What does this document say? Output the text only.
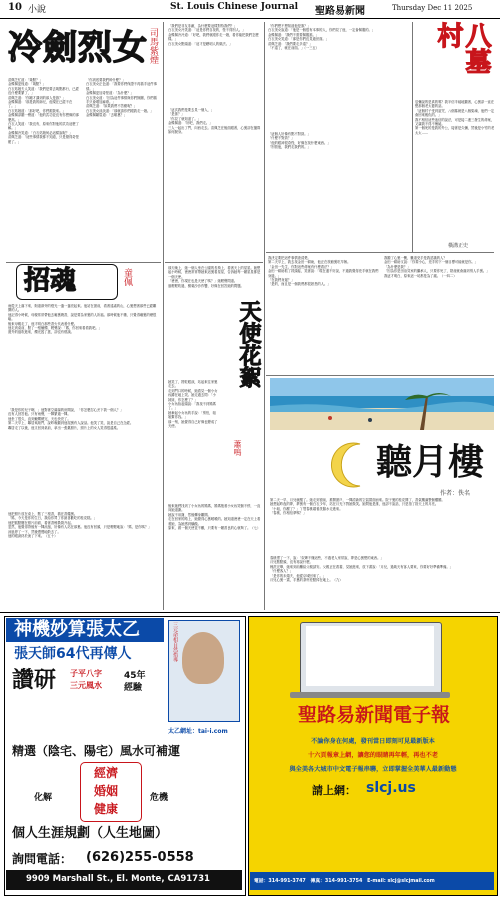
10 小說	St. Louis Chinese Journal 聖路易新聞	Thursday Dec 11 2025
冷劍烈女 司馬紫煙
苗佩芝忙道：「幾點？」
金蝶佩更惶道：「幾點？」
白衣姑娘夫人笑道：「我們是要去幾點都行，已經沒什麼要緊了，」
苗佩芝道：「你剛才講到的那人是誰？」
金蝶佩道：「那是我的師兄，他現在已經不在了。」
白衣姑娘道：「那好吧，你們跟我來。」
金蝶佩卻聽一聲道：「他的武功並沒有你想像的那麼高。」
白衣人笑道：「我沒有，原來你對他的武功這麼了解。」
金蝶佩冷笑道：「白衣姑娘何必這樣說呢？」
苗佩芝道：「這些事情我都不知道，只是覺得奇怪罷了。」
「你到底要我們幹什麼？」
白衣美女正色道：「我要你們保證不再插手這件事情。」
金蝶佩更加奇怪道：「為什麼？」
白衣美女道：「因為這件事情與你們無關，你們插手只會增加麻煩。」
苗佩芝道：「如果我們不答應呢？」
白衣美女淡淡道：「那就請你們跟我走一趟。」
金蝶佩皺眉道：「去哪裏？」
「我們是非友非敵，為什麼要這樣對待我們？」
白衣美女冷笑道：「這是你們自找的，怪不得別人。」
金蝶佩冷冷道：「好吧，我們就跟你走一趟，看你能把我們怎麼樣。」
白衣美女點頭道：「這才是聰明人的做法。」
「這次我們是要去見一個人，」
「是誰？」
「你見了就知道了。」
金蝶佩道：「好吧，我們走。」
三人一起出了門，向西走去。苗佩芝在後面跟著，心裏卻在盤算如何脫身。
「你們想不想知道他是誰？」
白衣美女說道：「他是一個很有本事的人，你們見了他，一定會佩服的。」
金蝶佩道：「我們不需要佩服誰。」
白衣美女笑道：「那是你們沒見過世面。」
苗佩芝道：「我們要走多遠？」
「不遠了，就在前面。」（一三五）
「這個人好像有點不對勁。」
「什麼不對勁？」
「他的眼神很奇怪，好像在找什麼東西。」
「別管他，我們走我們的。」
辰彌說的是真的嗎？我半信半疑地聽著，心裏卻一直在想那個老太婆的話。
「這個村子受到詛咒，八個墓就是八個冤魂，他們一定會回來報仇的。」
我不相信這些迷信的說法，可是接二連三發生的命案，又讓我不得不懷疑。
第一個死的是我的外公，接著是久彌，然後是小竹的老太太……
八墓村
橫溝正史
我決定要把這件事情查清楚。
第二天早上，我去找金田一耕助，他正在旅館裏吃早飯。
「金田一先生，你對這些命案有什麼看法？」
金田一耕助抓了抓頭髮，笑著說：「現在還不好說，不過我覺得兇手就在我們身邊。」
「在我們身邊？」
「是的，而且是一個我們都很熟悉的人。」
我聽了心裏一驚，難道兇手是我認識的人？
金田一耕助又說：「你要小心，兇手的下一個目標可能就是你。」
「為什麼是我？」
「因為你是田治見家的繼承人，只要你死了，財產就會落到別人手裏。」
我這才明白，原來這一切都是為了錢。（一四二）
招魂	童佩
雨從天上落下來，街道兩旁的燈光一盞一盞亮起來。他站在窗前，看著遠處的山，心裏想著那些已經離開的人。
他記得小時候，母親常常帶他去廟裏燒香，說是要為家裏的人祈福。那時候他不懂，只覺得廟裏的煙很嗆。
後來母親走了，他才明白那些香火代表著什麼。
他走到桌前，點了一根蠟燭，輕聲說：「媽，你回來看看我吧。」
窗外的風吹進來，燭光搖了搖，卻沒有熄滅。
「我是你的兒子啊，」他對著空蕩蕩的房間說，「你怎麼忍心丟下我一個人？」
沒有人回答他。只有雨聲，一陣緊過一陣。
他坐了很久，直到蠟燭燒完，天也快亮了。
第二天早上，鄰居來敲門，說昨晚聽到他屋裏有人說話。他笑了笑，說是自己在念經。
鄰居走了以後，他又回到桌前，拿出一張舊照片，照片上的女人笑得很溫柔。
他把照片放在桌上，點了三根香，插在香爐裏。
「媽，今天是你的生日，我給你買了你最喜歡吃的桂花糕。」
他把糕點擺在照片前面，看著香煙裊裊升起。
忽然，他覺得背後有一陣涼風，好像有人站在那裏。他沒有回頭，只是輕輕地說：「媽，是你嗎？」
涼風停了一下，然後慢慢地散去了。
他的眼淚終於流了下來。（五十）
那天晚上，她一個人坐在公園的長椅上，看著天上的星星。她想起小時候，爸爸常常帶她來這裏看星星，告訴她每一顆星星都是一個天使。
「爸爸，你現在也是天使了嗎？」她輕聲問道。
風輕輕吹過，樹葉沙沙作響，好像在回答她的問題。
天使花絮
蕭鳴
她笑了，擦乾眼淚，站起來往家裏走去。
走到門口的時候，她看見一個小女孩蹲在地上哭。她走過去問：「小妹妹，你怎麼了？」
小女孩抬起頭說：「我找不到媽媽了。」
她牽起小女孩的手說：「別怕，姐姐幫你找。」
那一刻，她覺得自己好像也變成了天使。
後來她們找到了小女孩的媽媽，媽媽抱著小女孩哭個不停，一直向她道謝。
她說不用謝，然後轉身離開。
走在回家的路上，她覺得心裏暖暖的。她知道爸爸一定在天上看著她，為她感到驕傲。
原來，做一個天使並不難，只要有一顆善良的心就夠了。（七）
聽月樓
作者：佚名
第二天一早，月兒就醒了。她走到窗前，推開窗戶，一陣清新的空氣撲面而來。院子裏的桂花開了，香氣飄滿整個樓閣。
她想起昨夜的夢，夢裏有一個白衣少年，站在月光下對她微笑。她問他是誰，他卻不說話，只是指了指天上的月亮。
「小姐，你醒了？」丫鬟春桃端著洗臉水走進來。
「春桃，你相信夢嗎？」
春桃愣了一下，說：「奴婢不懂這些，不過老人家常說，夢是心裏想的東西。」
月兒點點頭，沒有再說什麼。
梳洗完畢，她來到前廳給父親請安。父親正在看書，見她進來，放下書說：「月兒，過幾天有客人要來，你要好好準備準備。」
「什麼客人？」
「是你的未婚夫，他從京城回來了。」
月兒心裏一震，手裏的茶杯差點掉在地上。（九）
神機妙算張太乙
張天師64代再傳人	三元命相自然指導
讚研 子平八字
三元風水
45年
經驗
太乙網址：tai-i.com
精選（陰宅、陽宅）風水可補運
化解
經濟
婚姻
健康
危機
個人生涯規劃（人生地圖）
詢問電話： (626)255-0558
9909 Marshall St., El. Monte, CA91731
聖路易新聞電子報
不論你身在何處，發刊當日即刻可見最新版本
十六頁報章上網，讓您的眼睛再年輕，再也不老
與全美各大城市中文電子報串聯，立即掌握全美華人最新動態
請上網： slcj.us
電話：314-991-3747　傳真：314-991-3754　E-mail: slcj@slcjmail.com
